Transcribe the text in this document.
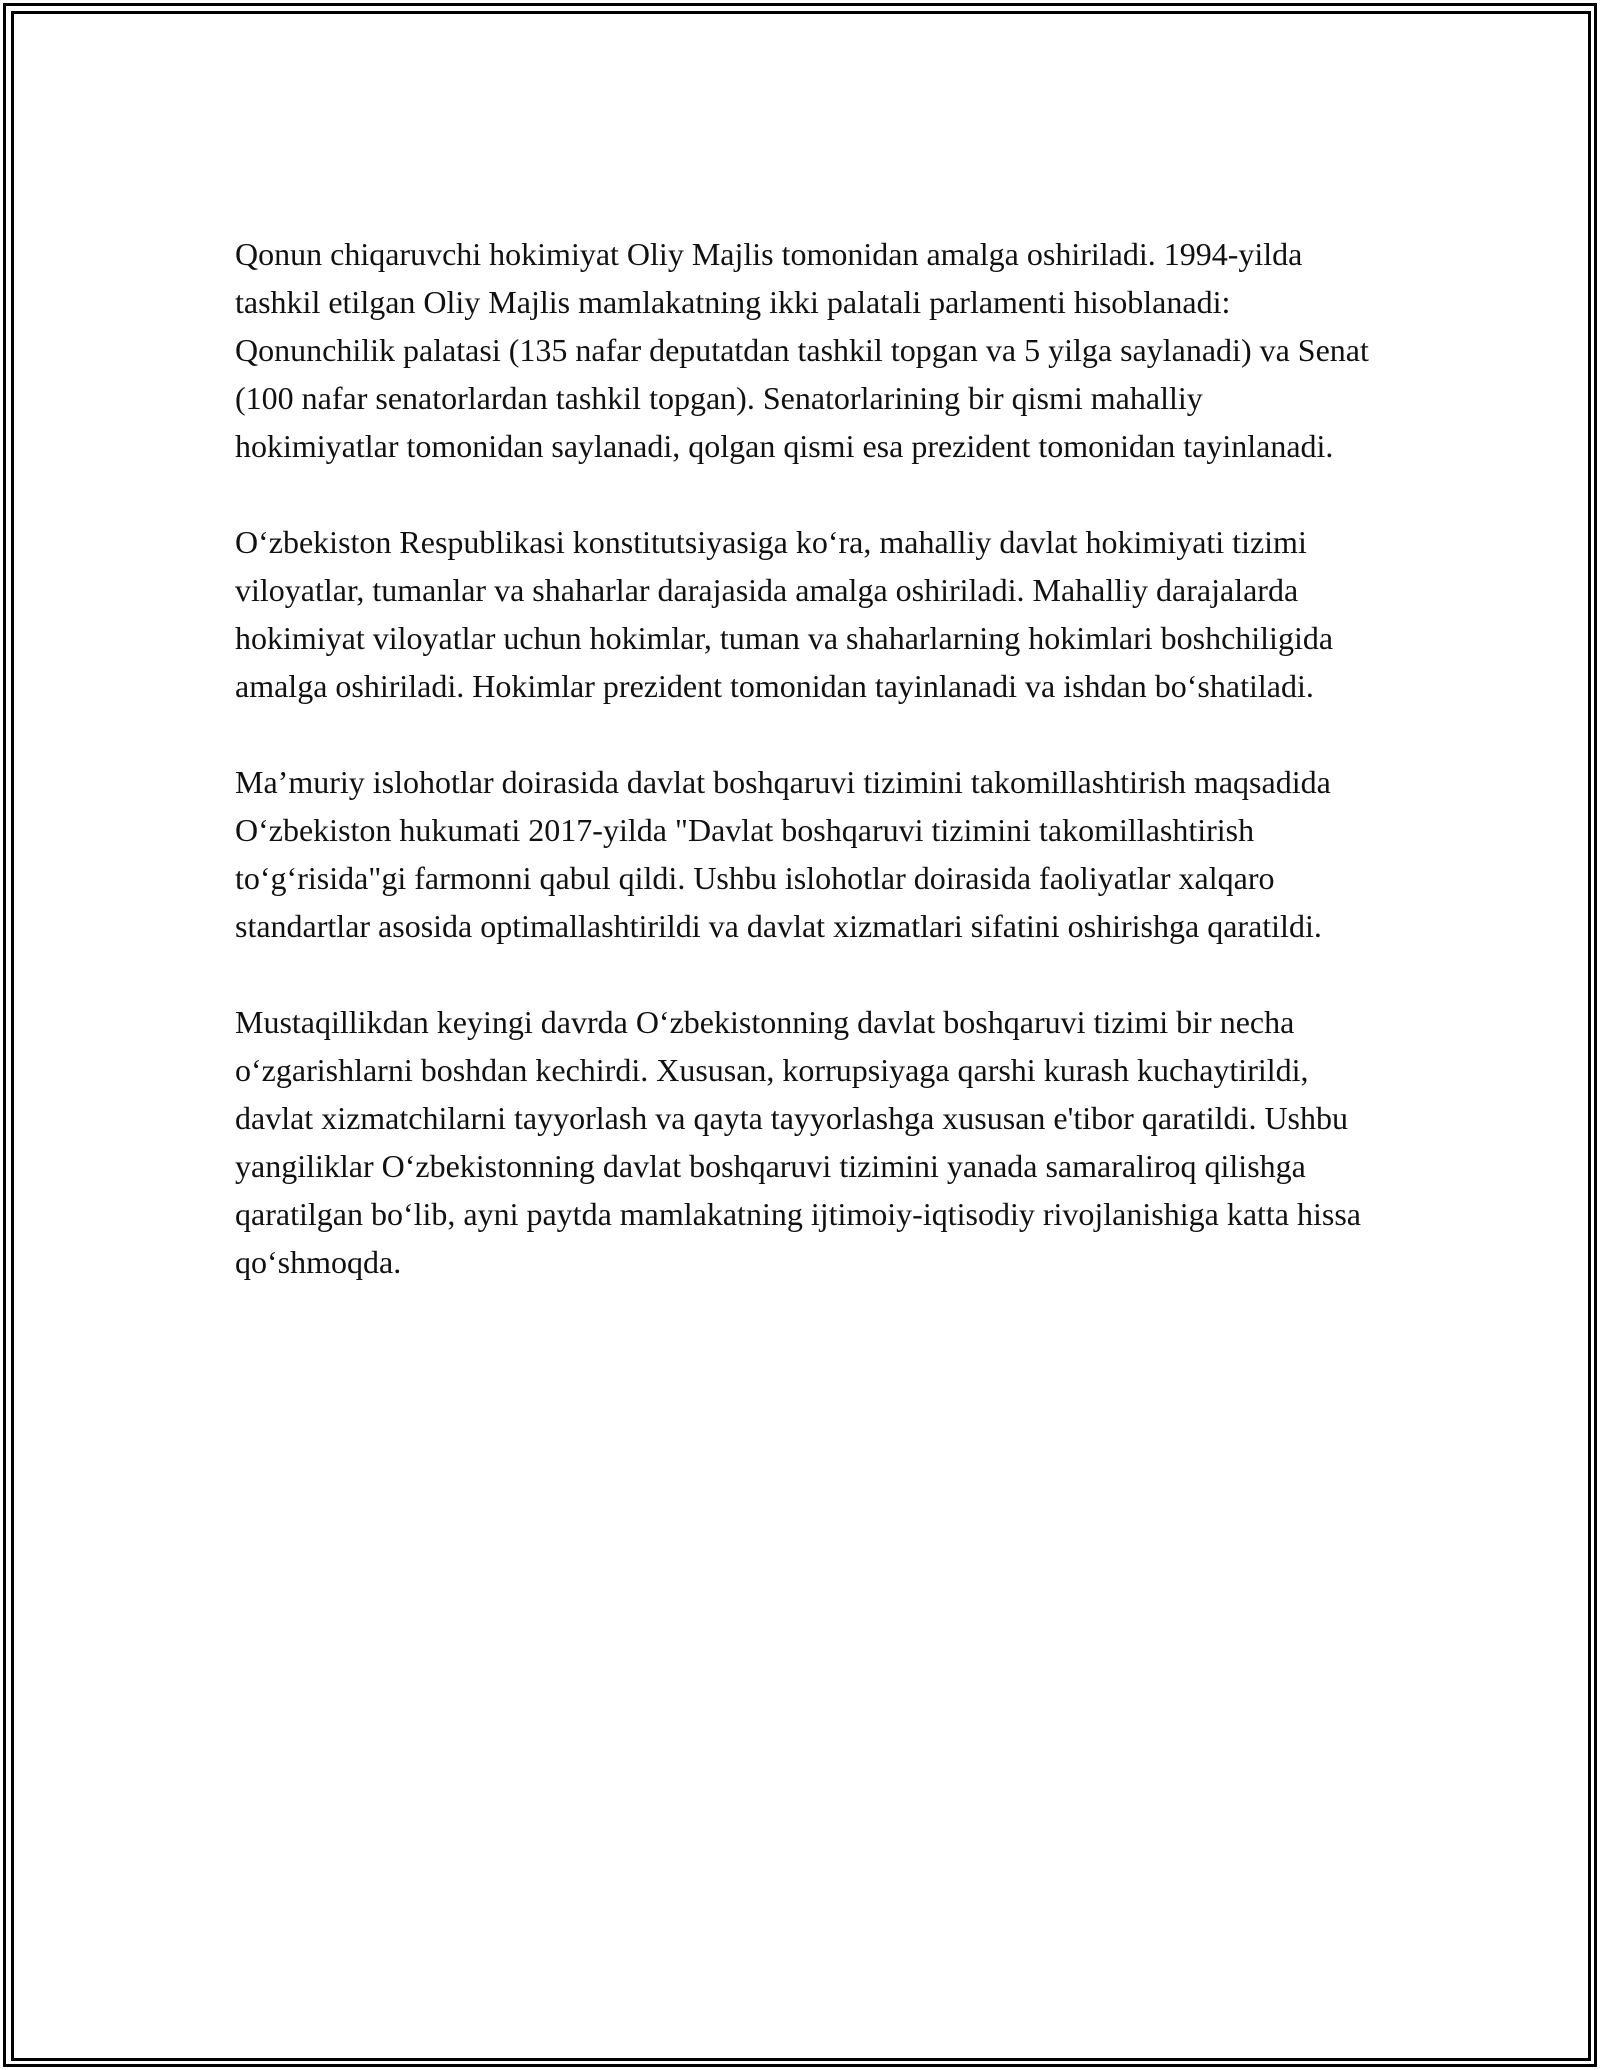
Qonun chiqaruvchi hokimiyat Oliy Majlis tomonidan amalga oshiriladi. 1994-yilda tashkil etilgan Oliy Majlis mamlakatning ikki palatali parlamenti hisoblanadi: Qonunchilik palatasi (135 nafar deputatdan tashkil topgan va 5 yilga saylanadi) va Senat (100 nafar senatorlardan tashkil topgan). Senatorlarining bir qismi mahalliy hokimiyatlar tomonidan saylanadi, qolgan qismi esa prezident tomonidan tayinlanadi.

O‘zbekiston Respublikasi konstitutsiyasiga ko‘ra, mahalliy davlat hokimiyati tizimi viloyatlar, tumanlar va shaharlar darajasida amalga oshiriladi. Mahalliy darajalarda hokimiyat viloyatlar uchun hokimlar, tuman va shaharlarning hokimlari boshchiligida amalga oshiriladi. Hokimlar prezident tomonidan tayinlanadi va ishdan bo‘shatiladi.

Ma’muriy islohotlar doirasida davlat boshqaruvi tizimini takomillashtirish maqsadida O‘zbekiston hukumati 2017-yilda "Davlat boshqaruvi tizimini takomillashtirish to‘g‘risida"gi farmonni qabul qildi. Ushbu islohotlar doirasida faoliyatlar xalqaro standartlar asosida optimallashtirildi va davlat xizmatlari sifatini oshirishga qaratildi.

Mustaqillikdan keyingi davrda O‘zbekistonning davlat boshqaruvi tizimi bir necha o‘zgarishlarni boshdan kechirdi. Xususan, korrupsiyaga qarshi kurash kuchaytirildi, davlat xizmatchilarni tayyorlash va qayta tayyorlashga xususan e'tibor qaratildi. Ushbu yangiliklar O‘zbekistonning davlat boshqaruvi tizimini yanada samaraliroq qilishga qaratilgan bo‘lib, ayni paytda mamlakatning ijtimoiy-iqtisodiy rivojlanishiga katta hissa qo‘shmoqda.
